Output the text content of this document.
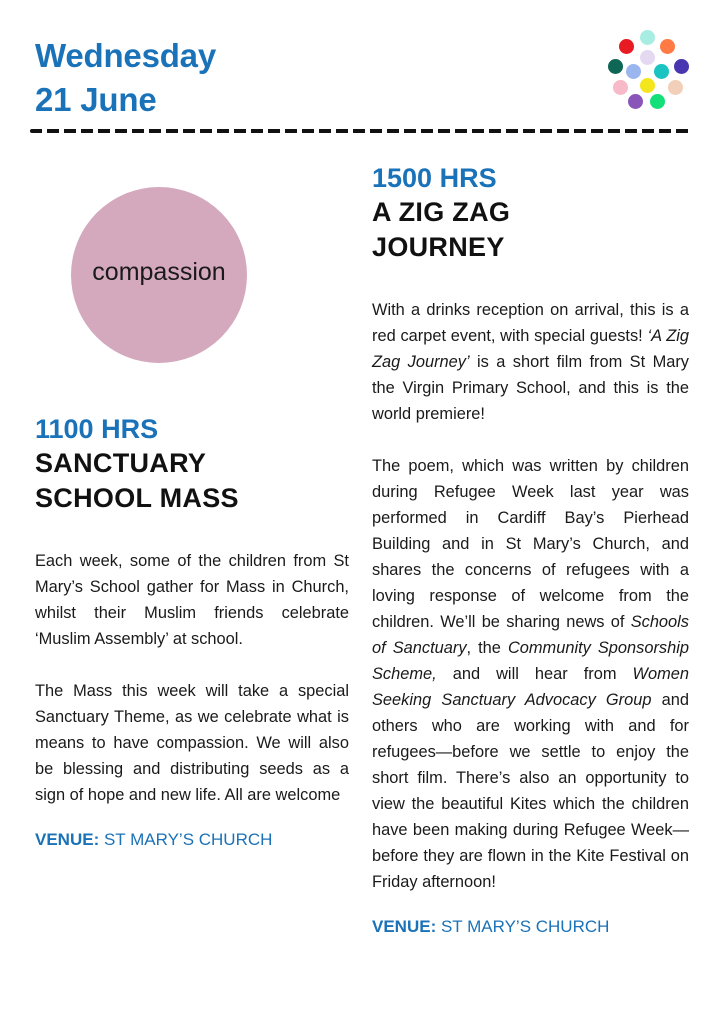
Wednesday
21 June
compassion
1100 HRS
SANCTUARY
SCHOOL MASS

Each week, some of the children from St Mary’s School gather for Mass in Church, whilst their Muslim friends celebrate ‘Muslim Assembly’ at school.

The Mass this week will take a special Sanctuary Theme, as we celebrate what is means to have compassion. We will also be blessing and distributing seeds as a sign of hope and new life. All are welcome

VENUE: ST MARY’S CHURCH
1500 HRS
A ZIG ZAG
JOURNEY

With a drinks reception on arrival, this is a red carpet event, with special guests! ‘A Zig Zag Journey’ is a short film from St Mary the Virgin Primary School, and this is the world premiere!

The poem, which was written by children during Refugee Week last year was performed in Cardiff Bay’s Pierhead Building and in St Mary’s Church, and shares the concerns of refugees with a loving response of welcome from the children. We’ll be sharing news of Schools of Sanctuary, the Community Sponsorship Scheme, and will hear from Women Seeking Sanctuary Advocacy Group and others who are working with and for refugees—before we settle to enjoy the short film. There’s also an opportunity to view the beautiful Kites which the children have been making during Refugee Week—before they are flown in the Kite Festival on Friday afternoon!

VENUE: ST MARY’S CHURCH
